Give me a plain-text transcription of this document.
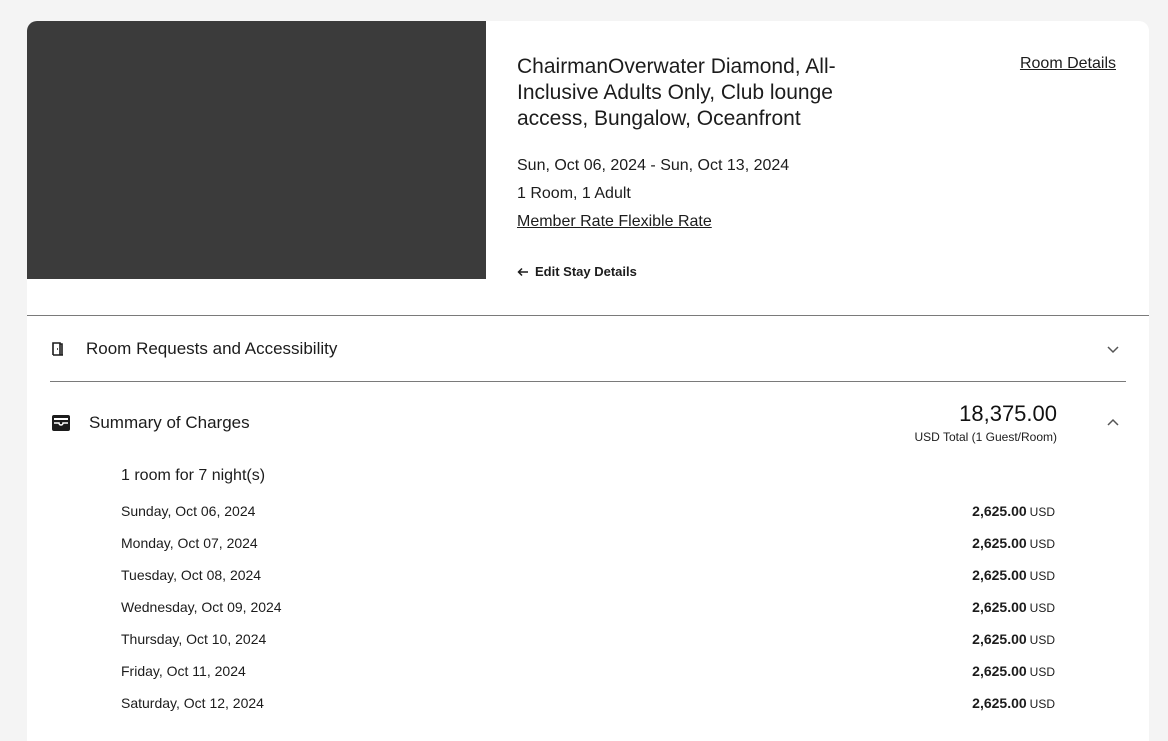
ChairmanOverwater Diamond, All-Inclusive Adults Only, Club lounge access, Bungalow, Oceanfront
Room Details
Sun, Oct 06, 2024 - Sun, Oct 13, 2024
1 Room, 1 Adult
Member Rate Flexible Rate
Edit Stay Details
Room Requests and Accessibility
Summary of Charges	18,375.00
USD Total (1 Guest/Room)
1 room for 7 night(s)
Sunday, Oct 06, 2024	2,625.00 USD
Monday, Oct 07, 2024	2,625.00 USD
Tuesday, Oct 08, 2024	2,625.00 USD
Wednesday, Oct 09, 2024	2,625.00 USD
Thursday, Oct 10, 2024	2,625.00 USD
Friday, Oct 11, 2024	2,625.00 USD
Saturday, Oct 12, 2024	2,625.00 USD
